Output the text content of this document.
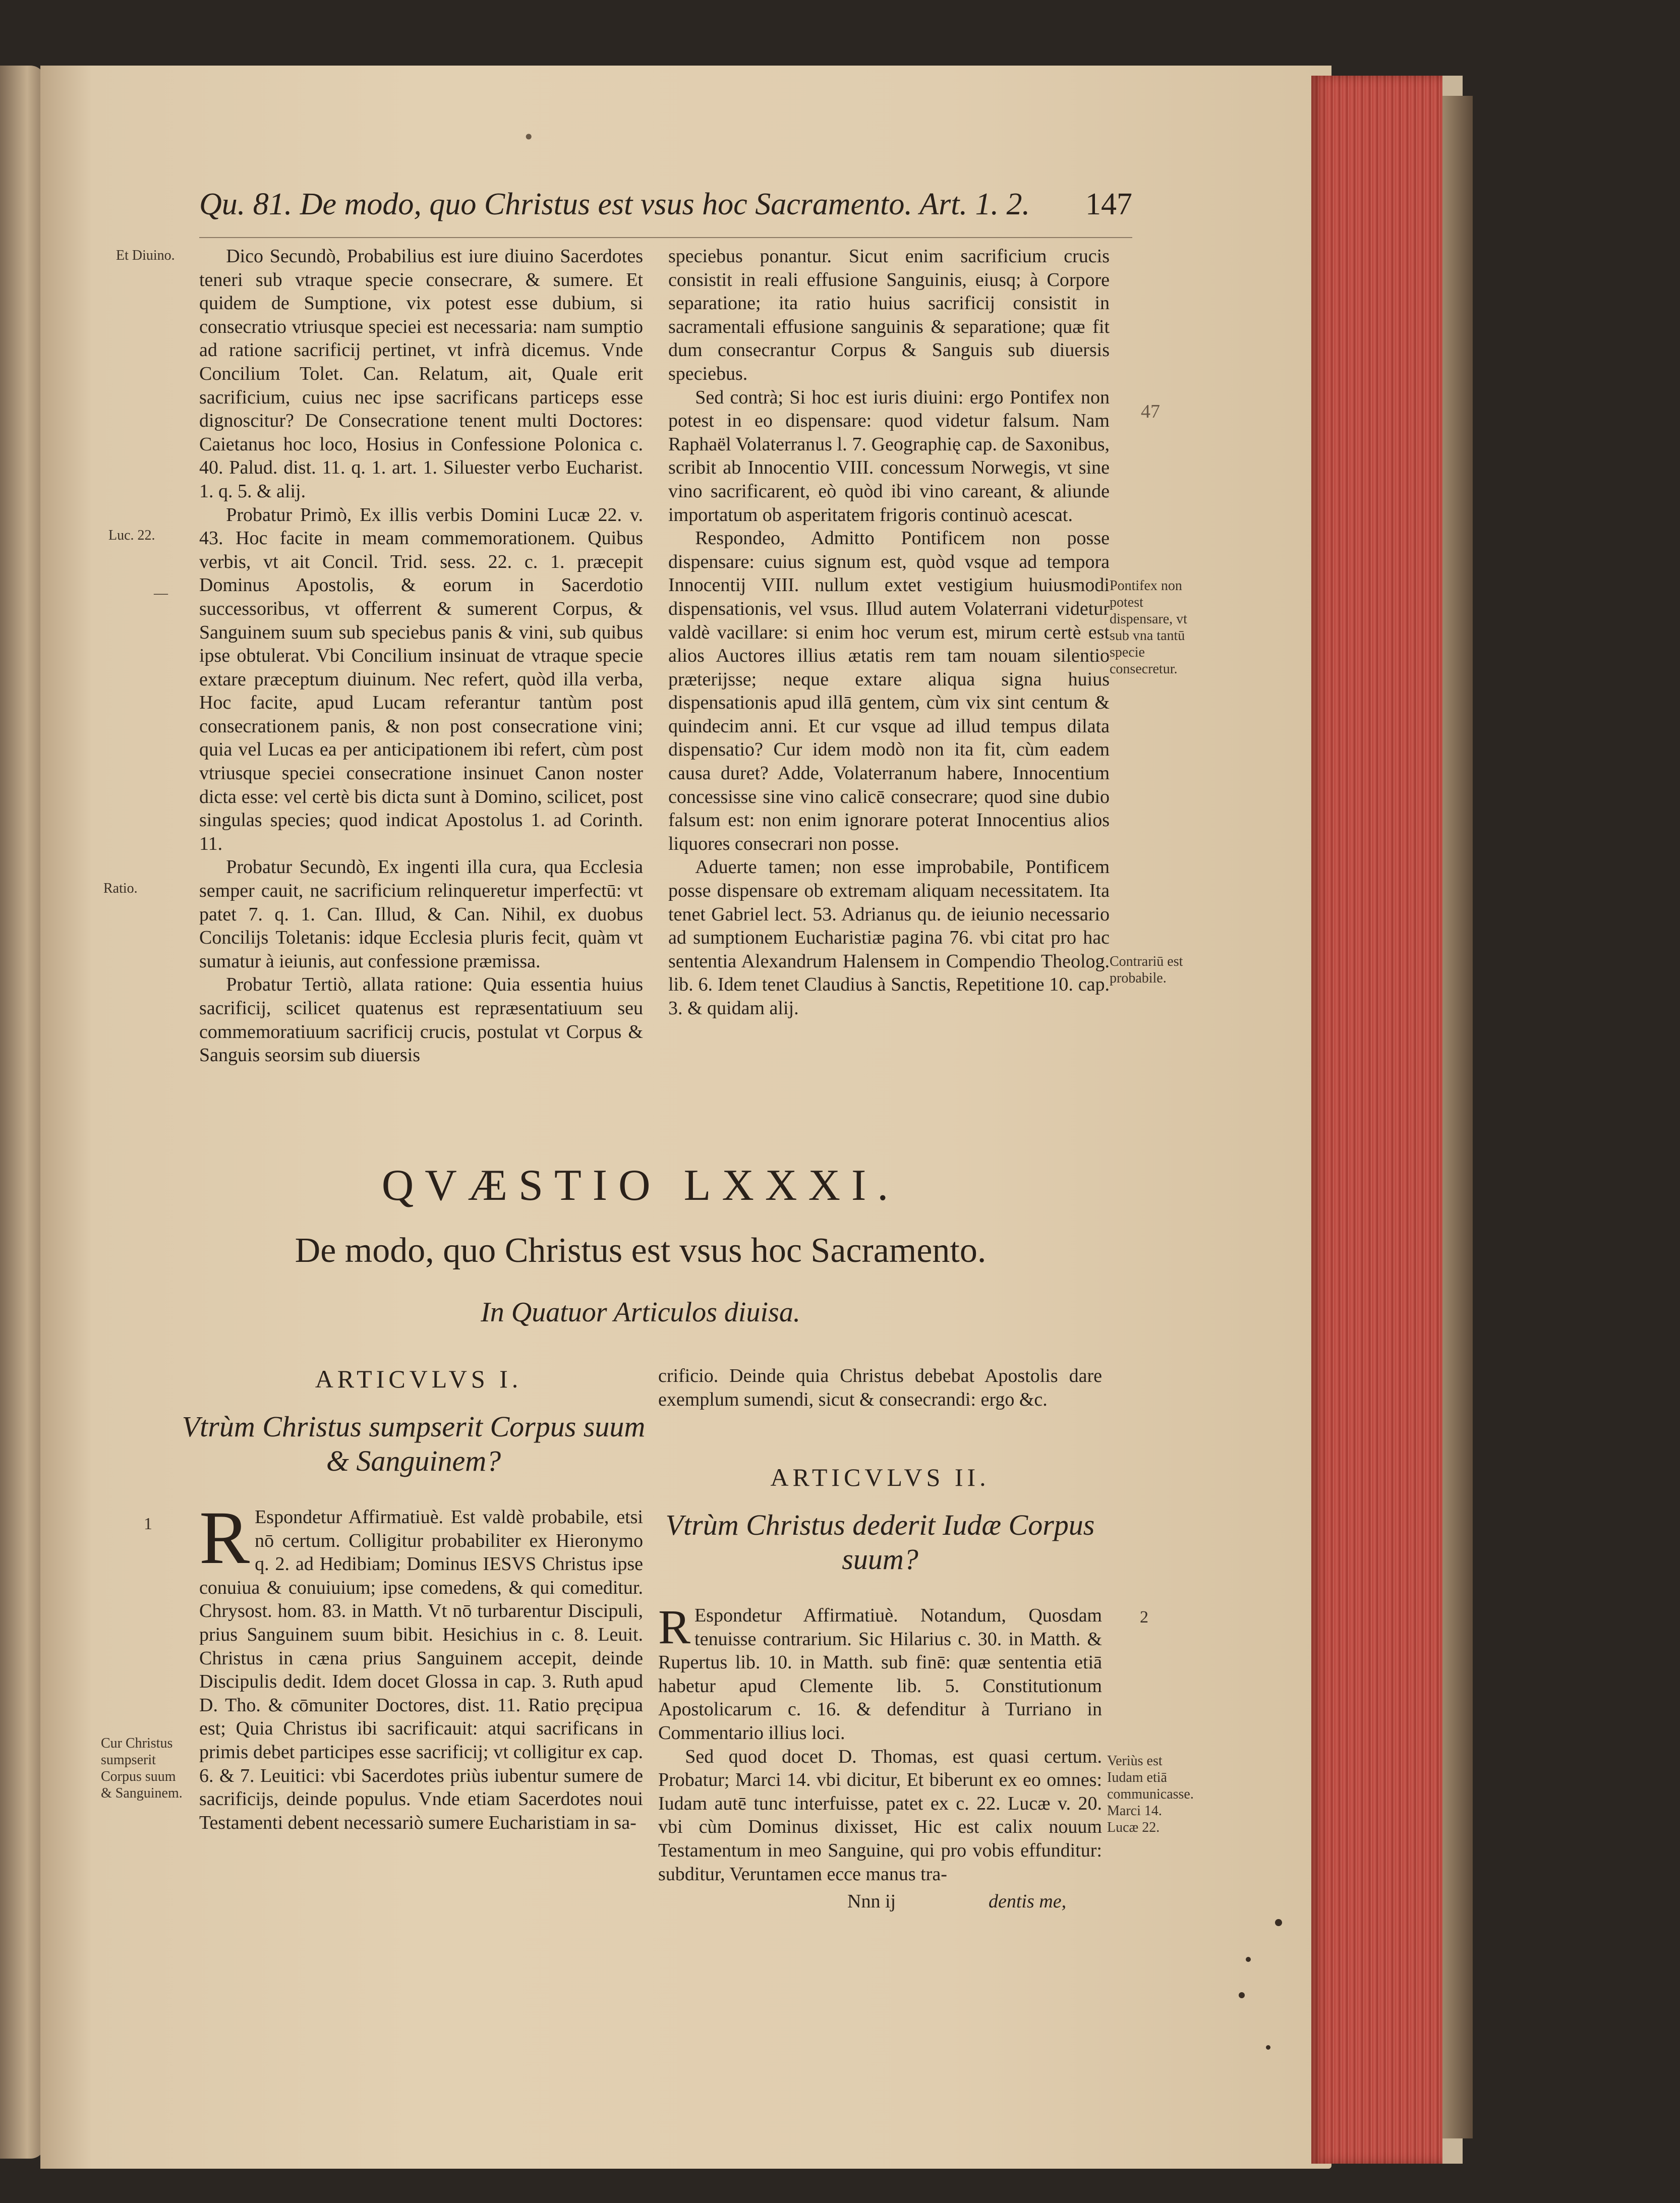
•
Qu. 81. De modo, quo Christus est vsus hoc Sacramento. Art. 1. 2. 147
Et Diuino.
Luc. 22.
—
Ratio.

Dico Secundò, Probabilius est iure diuino Sacerdotes teneri sub vtraque specie consecrare, & sumere. Et quidem de Sumptione, vix potest esse dubium, si consecratio vtriusque speciei est necessaria: nam sumptio ad ratione sacrificij pertinet, vt infrà dicemus. Vnde Concilium Tolet. Can. Relatum, ait, Quale erit sacrificium, cuius nec ipse sacrificans particeps esse dignoscitur? De Consecratione tenent multi Doctores: Caietanus hoc loco, Hosius in Confessione Polonica c. 40. Palud. dist. 11. q. 1. art. 1. Siluester verbo Eucharist. 1. q. 5. & alij.

Probatur Primò, Ex illis verbis Domini Lucæ 22. v. 43. Hoc facite in meam commemorationem. Quibus verbis, vt ait Concil. Trid. sess. 22. c. 1. præcepit Dominus Apostolis, & eorum in Sacerdotio successoribus, vt offerrent & sumerent Corpus, & Sanguinem suum sub speciebus panis & vini, sub quibus ipse obtulerat. Vbi Concilium insinuat de vtraque specie extare præceptum diuinum. Nec refert, quòd illa verba, Hoc facite, apud Lucam referantur tantùm post consecrationem panis, & non post consecratione vini; quia vel Lucas ea per anticipationem ibi refert, cùm post vtriusque speciei consecratione insinuet Canon noster dicta esse: vel certè bis dicta sunt à Domino, scilicet, post singulas species; quod indicat Apostolus 1. ad Corinth. 11.

Probatur Secundò, Ex ingenti illa cura, qua Ecclesia semper cauit, ne sacrificium relinqueretur imperfectū: vt patet 7. q. 1. Can. Illud, & Can. Nihil, ex duobus Concilijs Toletanis: idque Ecclesia pluris fecit, quàm vt sumatur à ieiunis, aut confessione præmissa.

Probatur Tertiò, allata ratione: Quia essentia huius sacrificij, scilicet quatenus est repræsentatiuum seu commemoratiuum sacrificij crucis, postulat vt Corpus & Sanguis seorsim sub diuersis

speciebus ponantur. Sicut enim sacrificium crucis consistit in reali effusione Sanguinis, eiusq; à Corpore separatione; ita ratio huius sacrificij consistit in sacramentali effusione sanguinis & separatione; quæ fit dum consecrantur Corpus & Sanguis sub diuersis speciebus.

Sed contrà; Si hoc est iuris diuini: ergo Pontifex non potest in eo dispensare: quod videtur falsum. Nam Raphaël Volaterranus l. 7. Geographię cap. de Saxonibus, scribit ab Innocentio VIII. concessum Norwegis, vt sine vino sacrificarent, eò quòd ibi vino careant, & aliunde importatum ob asperitatem frigoris continuò acescat.

Respondeo, Admitto Pontificem non posse dispensare: cuius signum est, quòd vsque ad tempora Innocentij VIII. nullum extet vestigium huiusmodi dispensationis, vel vsus. Illud autem Volaterrani videtur valdè vacillare: si enim hoc verum est, mirum certè est alios Auctores illius ætatis rem tam nouam silentio præterijsse; neque extare aliqua signa huius dispensationis apud illā gentem, cùm vix sint centum & quindecim anni. Et cur vsque ad illud tempus dilata dispensatio? Cur idem modò non ita fit, cùm eadem causa duret? Adde, Volaterranum habere, Innocentium concessisse sine vino calicē consecrare; quod sine dubio falsum est: non enim ignorare poterat Innocentius alios liquores consecrari non posse.

Aduerte tamen; non esse improbabile, Pontificem posse dispensare ob extremam aliquam necessitatem. Ita tenet Gabriel lect. 53. Adrianus qu. de ieiunio necessario ad sumptionem Eucharistiæ pagina 76. vbi citat pro hac sententia Alexandrum Halensem in Compendio Theolog. lib. 6. Idem tenet Claudius à Sanctis, Repetitione 10. cap. 3. & quidam alij.

47
Pontifex non potest dispensare, vt sub vna tantū specie consecretur.
Contrariū est probabile.
QVÆSTIO LXXXI.
De modo, quo Christus est vsus hoc Sacramento.
In Quatuor Articulos diuisa.
ARTICVLVS I.
Vtrùm Christus sumpserit Corpus suum & Sanguinem?
1 R Espondetur Affirmatiuè. Est valdè probabile, etsi nō certum. Colligitur probabiliter ex Hieronymo q. 2. ad Hedibiam; Dominus IESVS Christus ipse conuiua & conuiuium; ipse comedens, & qui comeditur. Chrysost. hom. 83. in Matth. Vt nō turbarentur Discipuli, prius Sanguinem suum bibit. Hesichius in c. 8. Leuit. Christus in cæna prius Sanguinem accepit, deinde Discipulis dedit. Idem docet Glossa in cap. 3. Ruth apud D. Tho. & cōmuniter Doctores, dist. 11. Ratio pręcipua est; Quia Christus ibi sacrificauit: atqui sacrificans in primis debet participes esse sacrificij; vt colligitur ex cap. 6. & 7. Leuitici: vbi Sacerdotes priùs iubentur sumere de sacrificijs, deinde populus. Vnde etiam Sacerdotes noui Testamenti debent necessariò sumere Eucharistiam in sa-
Cur Christus sumpserit Corpus suum & Sanguinem.

crificio. Deinde quia Christus debebat Apostolis dare exemplum sumendi, sicut & consecrandi: ergo &c.

ARTICVLVS II.
Vtrùm Christus dederit Iudæ Corpus suum?
R Espondetur Affirmatiuè. Notandum, Quosdam tenuisse contrarium. Sic Hilarius c. 30. in Matth. & Rupertus lib. 10. in Matth. sub finē: quæ sententia etiā habetur apud Clemente lib. 5. Constitutionum Apostolicarum c. 16. & defenditur à Turriano in Commentario illius loci.

Sed quod docet D. Thomas, est quasi certum. Probatur; Marci 14. vbi dicitur, Et biberunt ex eo omnes: Iudam autē tunc interfuisse, patet ex c. 22. Lucæ v. 20. vbi cùm Dominus dixisset, Hic est calix nouum Testamentum in meo Sanguine, qui pro vobis effunditur: subditur, Veruntamen ecce manus tra-

2
Veriùs est Iudam etiā communicasse. Marci 14. Lucæ 22.
Nnn ij	dentis me,
